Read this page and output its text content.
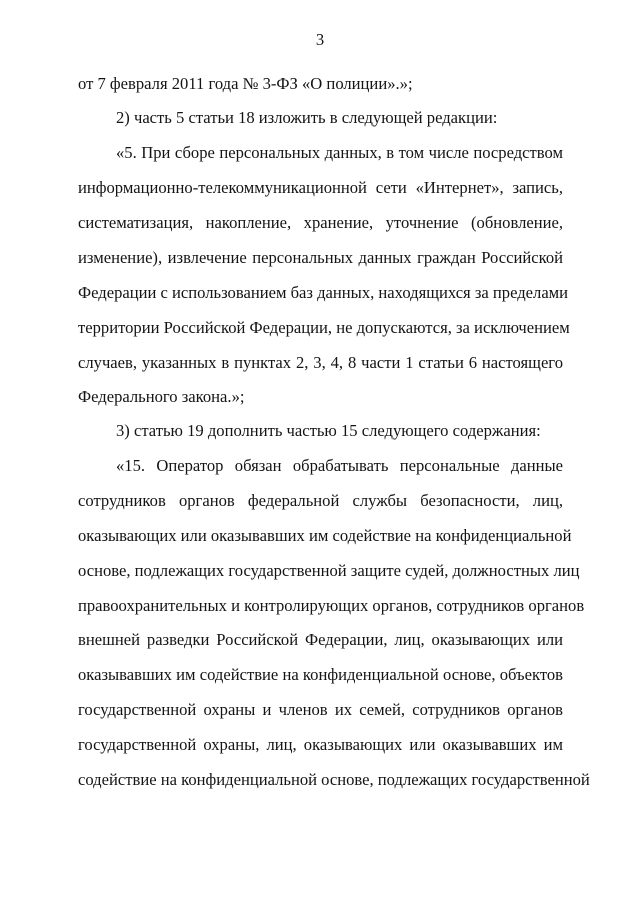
3
от 7 февраля 2011 года № 3-ФЗ «О полиции».»;
2) часть 5 статьи 18 изложить в следующей редакции:
«5. При сборе персональных данных, в том числе посредством
информационно-телекоммуникационной сети «Интернет», запись,
систематизация, накопление, хранение, уточнение (обновление,
изменение), извлечение персональных данных граждан Российской
Федерации с использованием баз данных, находящихся за пределами
территории Российской Федерации, не допускаются, за исключением
случаев, указанных в пунктах 2, 3, 4, 8 части 1 статьи 6 настоящего
Федерального закона.»;
3) статью 19 дополнить частью 15 следующего содержания:
«15. Оператор обязан обрабатывать персональные данные
сотрудников органов федеральной службы безопасности, лиц,
оказывающих или оказывавших им содействие на конфиденциальной
основе, подлежащих государственной защите судей, должностных лиц
правоохранительных и контролирующих органов, сотрудников органов
внешней разведки Российской Федерации, лиц, оказывающих или
оказывавших им содействие на конфиденциальной основе, объектов
государственной охраны и членов их семей, сотрудников органов
государственной охраны, лиц, оказывающих или оказывавших им
содействие на конфиденциальной основе, подлежащих государственной
